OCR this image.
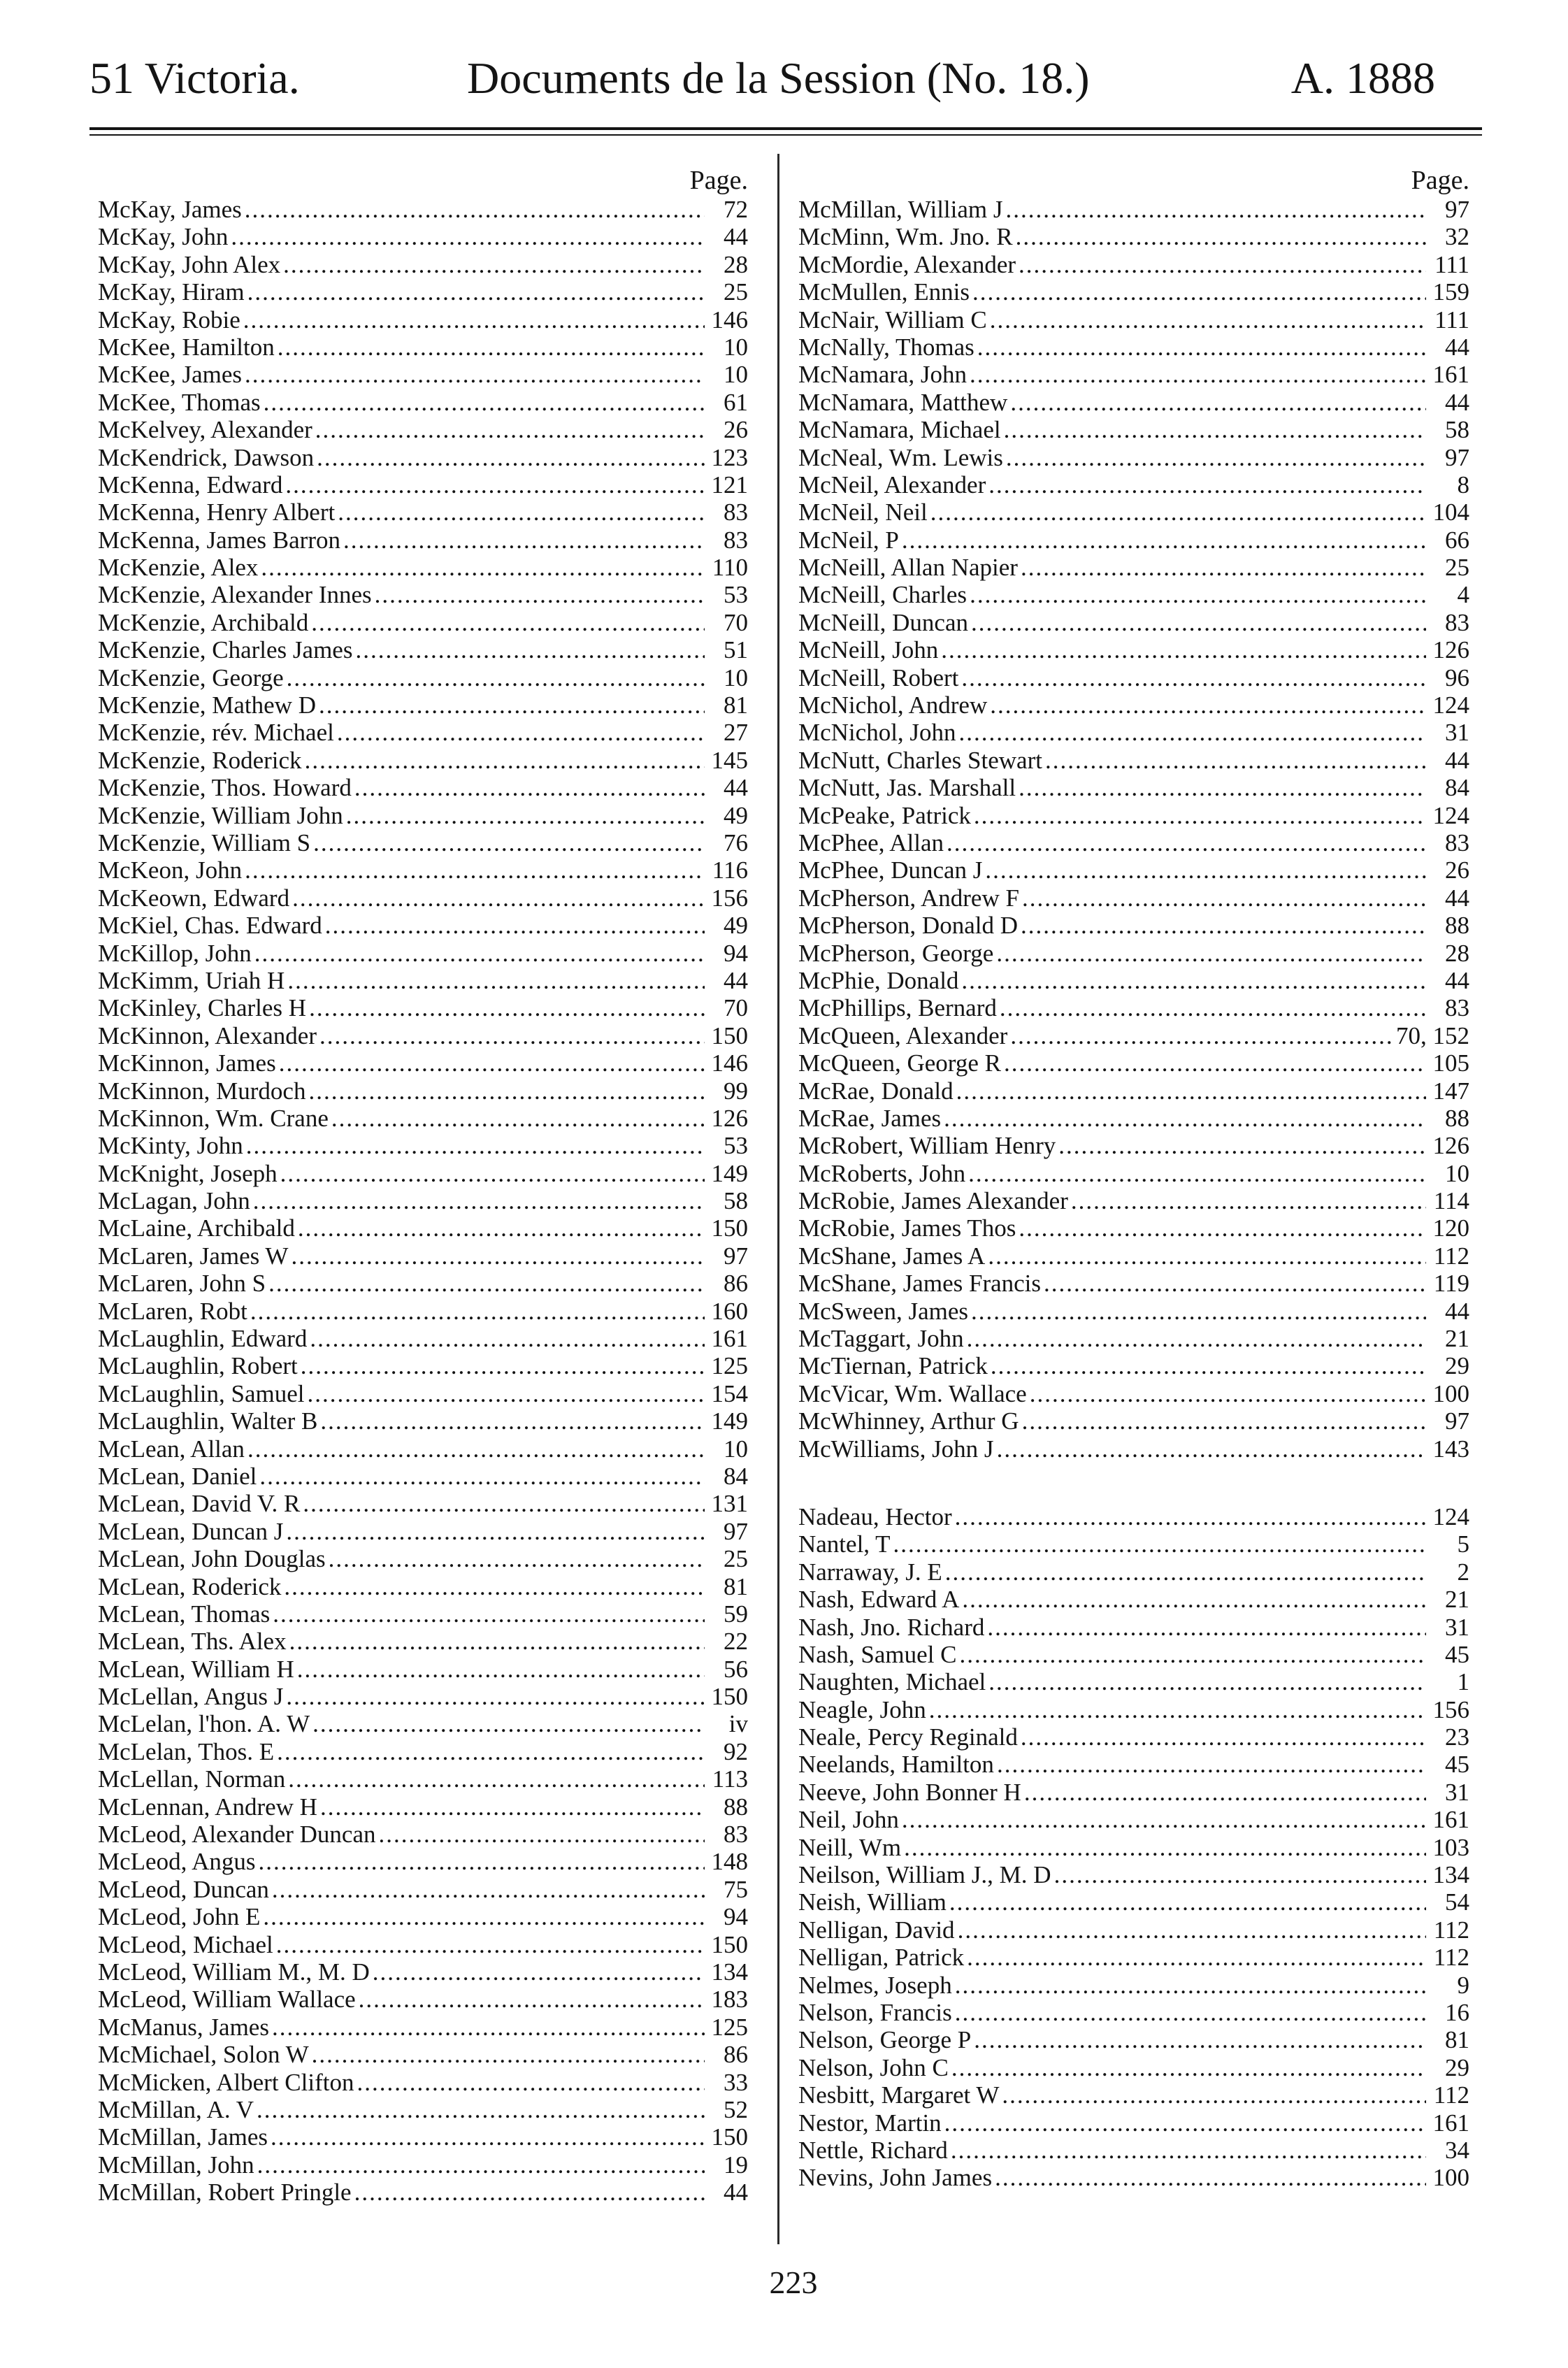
51 Victoria.	Documents de la Session (No. 18.)	A. 1888
Page.
McKay, James .....	72
McKay, John .....	44
McKay, John Alex .....	28
McKay, Hiram .....	25
McKay, Robie .....	146
McKee, Hamilton .....	10
McKee, James .....	10
McKee, Thomas .....	61
McKelvey, Alexander .....	26
McKendrick, Dawson .....	123
McKenna, Edward .....	121
McKenna, Henry Albert .....	83
McKenna, James Barron .....	83
McKenzie, Alex .....	110
McKenzie, Alexander Innes .....	53
McKenzie, Archibald .....	70
McKenzie, Charles James .....	51
McKenzie, George .....	10
McKenzie, Mathew D .....	81
McKenzie, rév. Michael .....	27
McKenzie, Roderick .....	145
McKenzie, Thos. Howard .....	44
McKenzie, William John .....	49
McKenzie, William S .....	76
McKeon, John .....	116
McKeown, Edward .....	156
McKiel, Chas. Edward .....	49
McKillop, John .....	94
McKimm, Uriah H .....	44
McKinley, Charles H .....	70
McKinnon, Alexander .....	150
McKinnon, James .....	146
McKinnon, Murdoch .....	99
McKinnon, Wm. Crane .....	126
McKinty, John .....	53
McKnight, Joseph .....	149
McLagan, John .....	58
McLaine, Archibald .....	150
McLaren, James W .....	97
McLaren, John S .....	86
McLaren, Robt .....	160
McLaughlin, Edward .....	161
McLaughlin, Robert .....	125
McLaughlin, Samuel .....	154
McLaughlin, Walter B .....	149
McLean, Allan .....	10
McLean, Daniel .....	84
McLean, David V. R .....	131
McLean, Duncan J .....	97
McLean, John Douglas .....	25
McLean, Roderick .....	81
McLean, Thomas .....	59
McLean, Ths. Alex .....	22
McLean, William H .....	56
McLellan, Angus J .....	150
McLelan, l'hon. A. W .....	iv
McLelan, Thos. E .....	92
McLellan, Norman .....	113
McLennan, Andrew H .....	88
McLeod, Alexander Duncan .....	83
McLeod, Angus .....	148
McLeod, Duncan .....	75
McLeod, John E .....	94
McLeod, Michael .....	150
McLeod, William M., M. D .....	134
McLeod, William Wallace .....	183
McManus, James .....	125
McMichael, Solon W .....	86
McMicken, Albert Clifton .....	33
McMillan, A. V .....	52
McMillan, James .....	150
McMillan, John .....	19
McMillan, Robert Pringle .....	44
Page.
McMillan, William J .....	97
McMinn, Wm. Jno. R .....	32
McMordie, Alexander .....	111
McMullen, Ennis .....	159
McNair, William C .....	111
McNally, Thomas .....	44
McNamara, John .....	161
McNamara, Matthew .....	44
McNamara, Michael .....	58
McNeal, Wm. Lewis .....	97
McNeil, Alexander .....	8
McNeil, Neil .....	104
McNeil, P .....	66
McNeill, Allan Napier .....	25
McNeill, Charles .....	4
McNeill, Duncan .....	83
McNeill, John .....	126
McNeill, Robert .....	96
McNichol, Andrew .....	124
McNichol, John .....	31
McNutt, Charles Stewart .....	44
McNutt, Jas. Marshall .....	84
McPeake, Patrick .....	124
McPhee, Allan .....	83
McPhee, Duncan J .....	26
McPherson, Andrew F .....	44
McPherson, Donald D .....	88
McPherson, George .....	28
McPhie, Donald .....	44
McPhillips, Bernard .....	83
McQueen, Alexander .....	70, 152
McQueen, George R .....	105
McRae, Donald .....	147
McRae, James .....	88
McRobert, William Henry .....	126
McRoberts, John .....	10
McRobie, James Alexander .....	114
McRobie, James Thos .....	120
McShane, James A .....	112
McShane, James Francis .....	119
McSween, James .....	44
McTaggart, John .....	21
McTiernan, Patrick .....	29
McVicar, Wm. Wallace .....	100
McWhinney, Arthur G .....	97
McWilliams, John J .....	143
Nadeau, Hector .....	124
Nantel, T .....	5
Narraway, J. E .....	2
Nash, Edward A .....	21
Nash, Jno. Richard .....	31
Nash, Samuel C .....	45
Naughten, Michael .....	1
Neagle, John .....	156
Neale, Percy Reginald .....	23
Neelands, Hamilton .....	45
Neeve, John Bonner H .....	31
Neil, John .....	161
Neill, Wm .....	103
Neilson, William J., M. D .....	134
Neish, William .....	54
Nelligan, David .....	112
Nelligan, Patrick .....	112
Nelmes, Joseph .....	9
Nelson, Francis .....	16
Nelson, George P .....	81
Nelson, John C .....	29
Nesbitt, Margaret W .....	112
Nestor, Martin .....	161
Nettle, Richard .....	34
Nevins, John James .....	100
223
